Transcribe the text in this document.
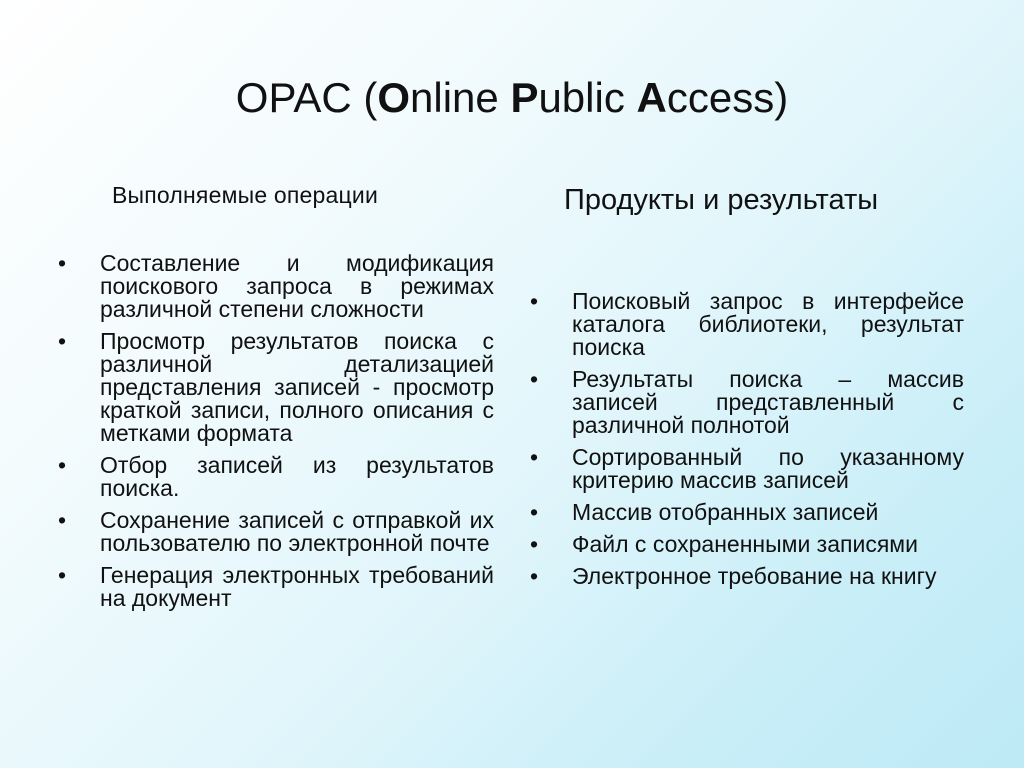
OPAC (Online Public Access)
Выполняемые операции	Продукты и результаты
•	Составление и модификация поискового запроса в режимах различной степени сложности
•	Просмотр результатов поиска с различной детализацией представления записей - просмотр краткой записи, полного описания с метками формата
•	Отбор записей из результатов поиска.
•	Сохранение записей с отправкой их пользователю по электронной почте
•	Генерация электронных требований на документ
•	Поисковый запрос в интерфейсе каталога библиотеки, результат поиска
•	Результаты поиска – массив записей представленный с различной полнотой
•	Сортированный по указанному критерию массив записей
•	Массив отобранных записей
•	Файл с сохраненными записями
•	Электронное требование на книгу
